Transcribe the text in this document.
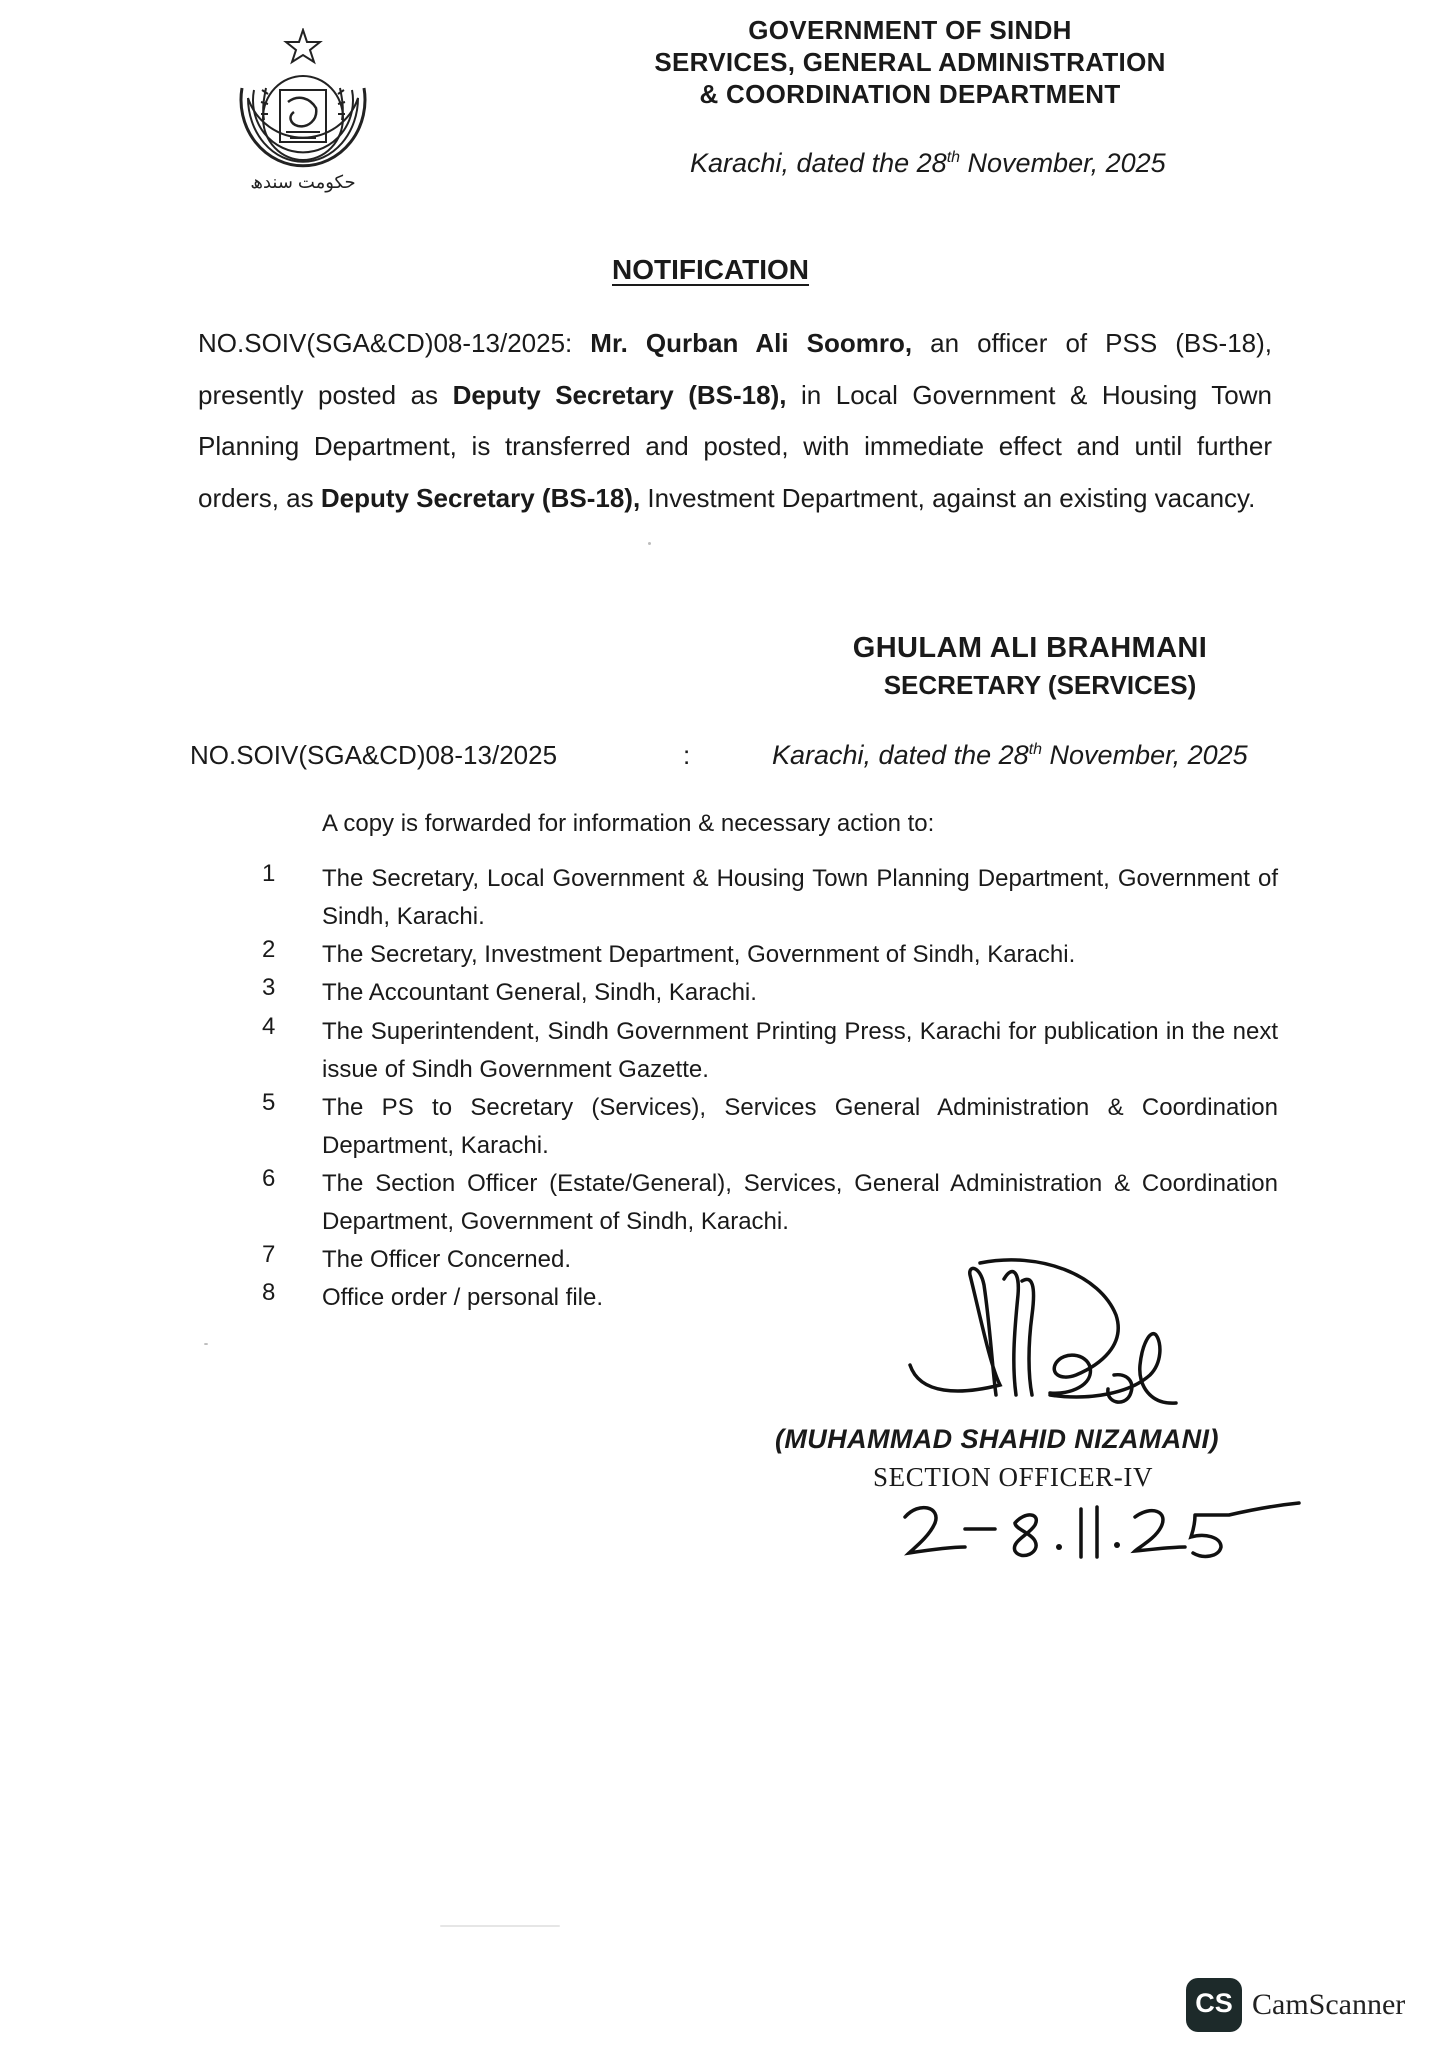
حکومت سندھ
GOVERNMENT OF SINDH
SERVICES, GENERAL ADMINISTRATION
& COORDINATION DEPARTMENT
Karachi, dated the 28th November, 2025
NOTIFICATION
NO.SOIV(SGA&CD)08-13/2025: Mr. Qurban Ali Soomro, an officer of PSS (BS-18), presently posted as Deputy Secretary (BS-18), in Local Government & Housing Town Planning Department, is transferred and posted, with immediate effect and until further orders, as Deputy Secretary (BS-18), Investment Department, against an existing vacancy.
GHULAM ALI BRAHMANI
SECRETARY (SERVICES)
NO.SOIV(SGA&CD)08-13/2025	:	Karachi, dated the 28th November, 2025
A copy is forwarded for information & necessary action to:
1 The Secretary, Local Government & Housing Town Planning Department, Government of Sindh, Karachi.
2 The Secretary, Investment Department, Government of Sindh, Karachi.
3 The Accountant General, Sindh, Karachi.
4 The Superintendent, Sindh Government Printing Press, Karachi for publication in the next issue of Sindh Government Gazette.
5 The PS to Secretary (Services), Services General Administration & Coordination Department, Karachi.
6 The Section Officer (Estate/General), Services, General Administration & Coordination Department, Government of Sindh, Karachi.
7 The Officer Concerned.
8 Office order / personal file.
(MUHAMMAD SHAHID NIZAMANI)
SECTION OFFICER-IV
CS CamScanner
